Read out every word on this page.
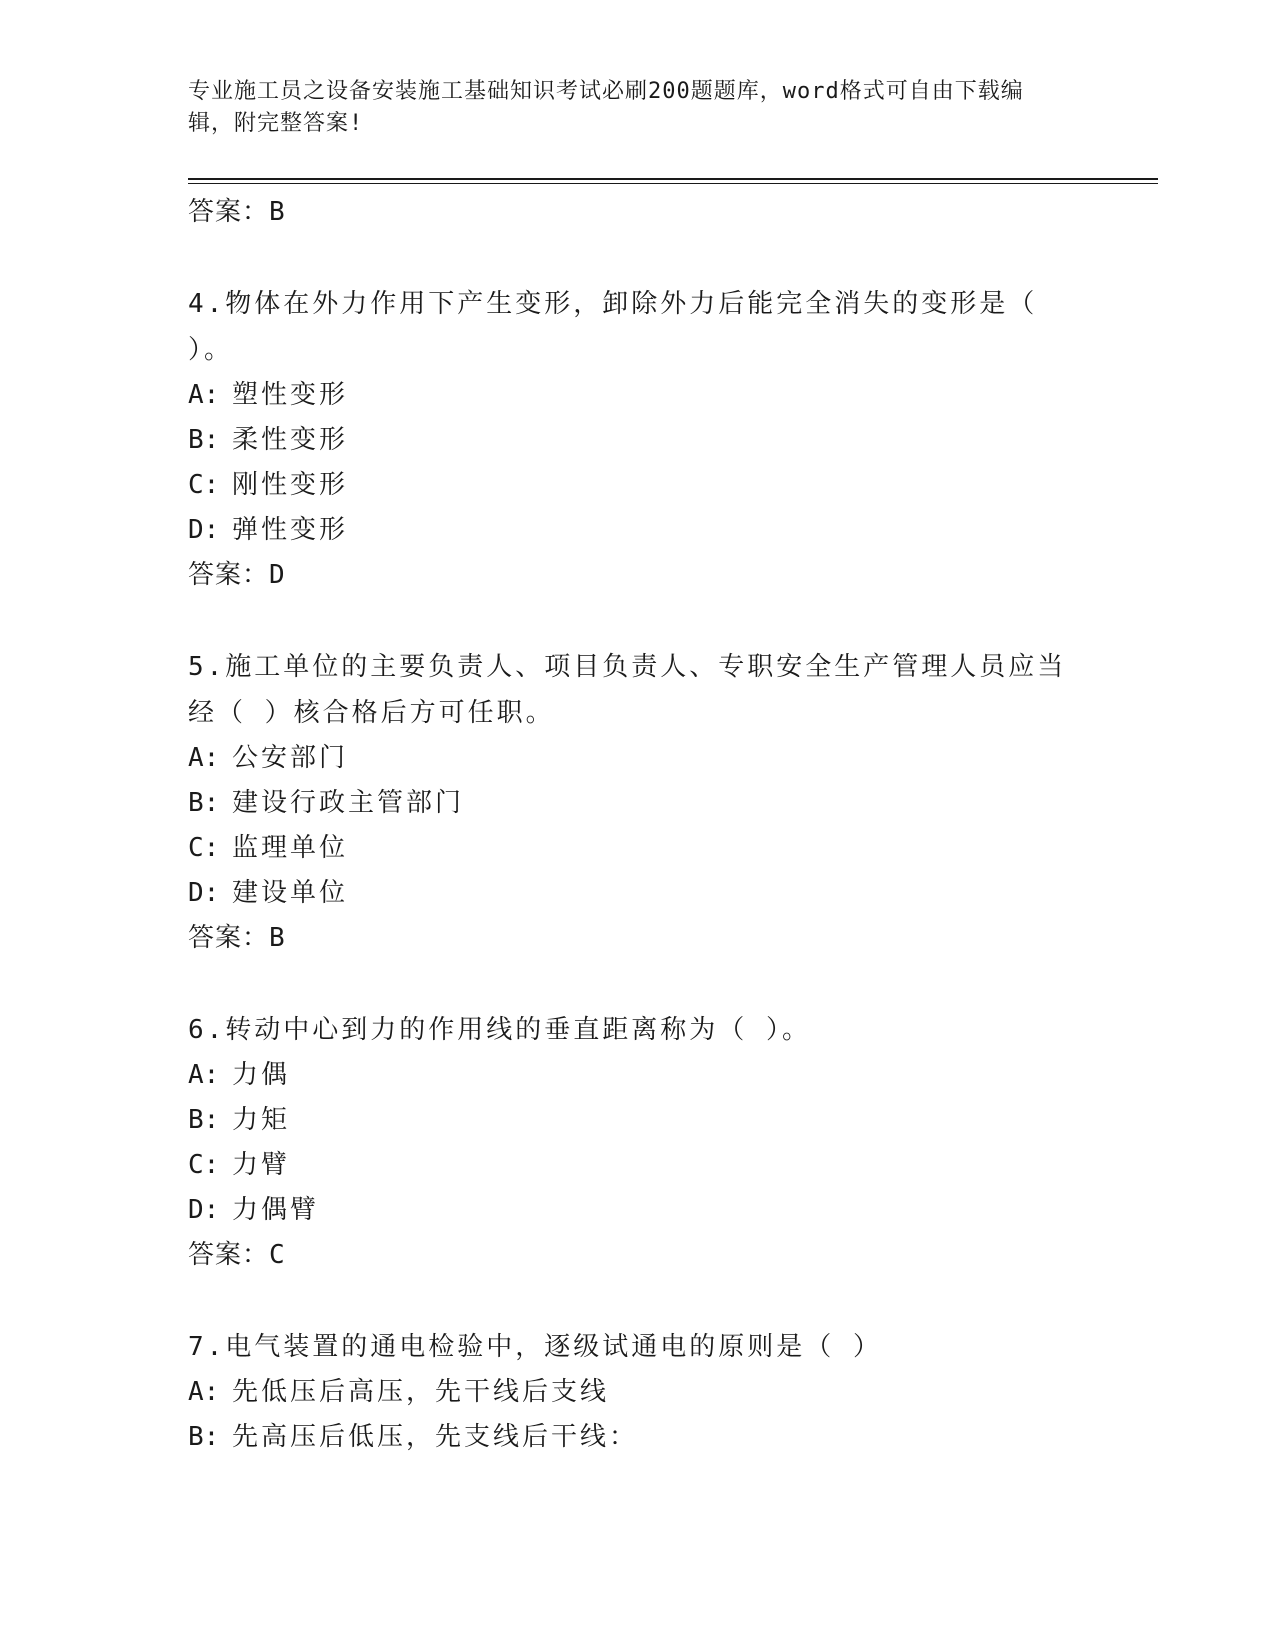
专业施工员之设备安装施工基础知识考试必刷200题题库，word格式可自由下载编辑，附完整答案!
答案：B
4.物体在外力作用下产生变形，卸除外力后能完全消失的变形是（ ）。
A: 塑性变形
B: 柔性变形
C: 刚性变形
D: 弹性变形
答案：D
5.施工单位的主要负责人、项目负责人、专职安全生产管理人员应当经（ ）核合格后方可任职。
A: 公安部门
B: 建设行政主管部门
C: 监理单位
D: 建设单位
答案：B
6.转动中心到力的作用线的垂直距离称为（ ）。
A: 力偶
B: 力矩
C: 力臂
D: 力偶臂
答案：C
7.电气装置的通电检验中，逐级试通电的原则是（ ）
A: 先低压后高压，先干线后支线
B: 先高压后低压，先支线后干线：
